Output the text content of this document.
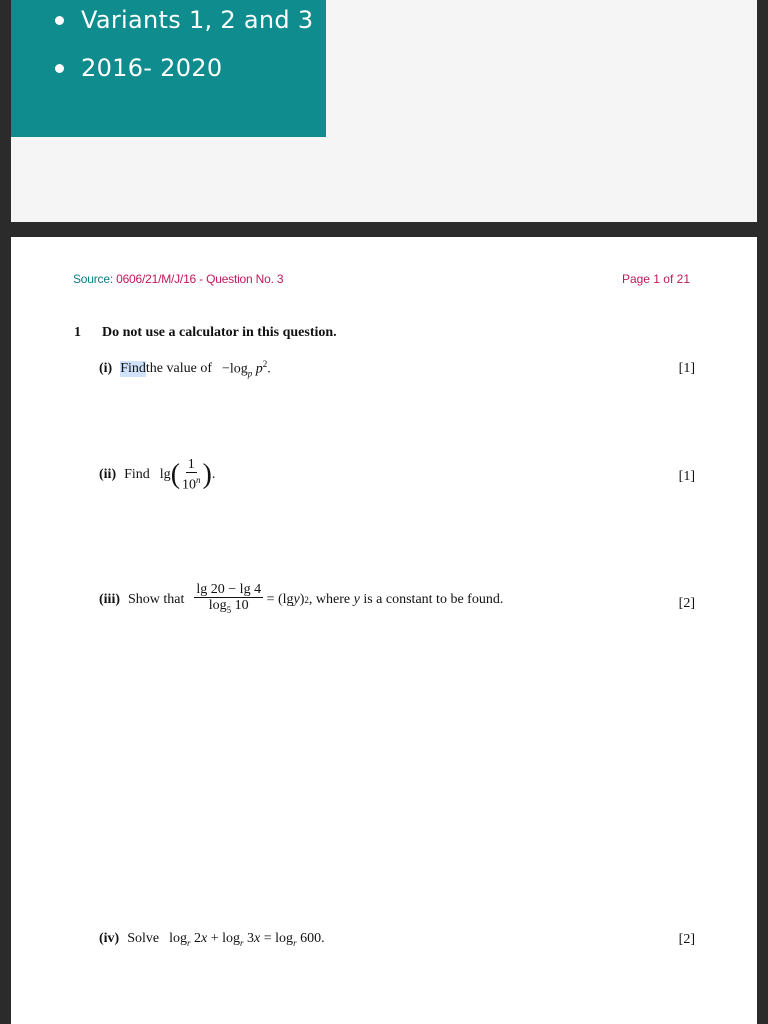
Variants 1, 2 and 3
2016- 2020
Source: 0606/21/M/J/16 - Question No. 3	Page 1 of 21
1 Do not use a calculator in this question.
(i) Find the value of $-\log_p$ $p^2$.	[1]
(ii) Find lg ( $\frac{1}{10^n}$ ) .	[1]
(iii) Show that $\frac{\lg 20 - \lg 4}{\log_5 10} = (\lg$ y ) 2 , where y is a constant to be found.	[2]
(iv) Solve $\log_r 2x + \log_r 3x = \log_r 600$.	[2]
